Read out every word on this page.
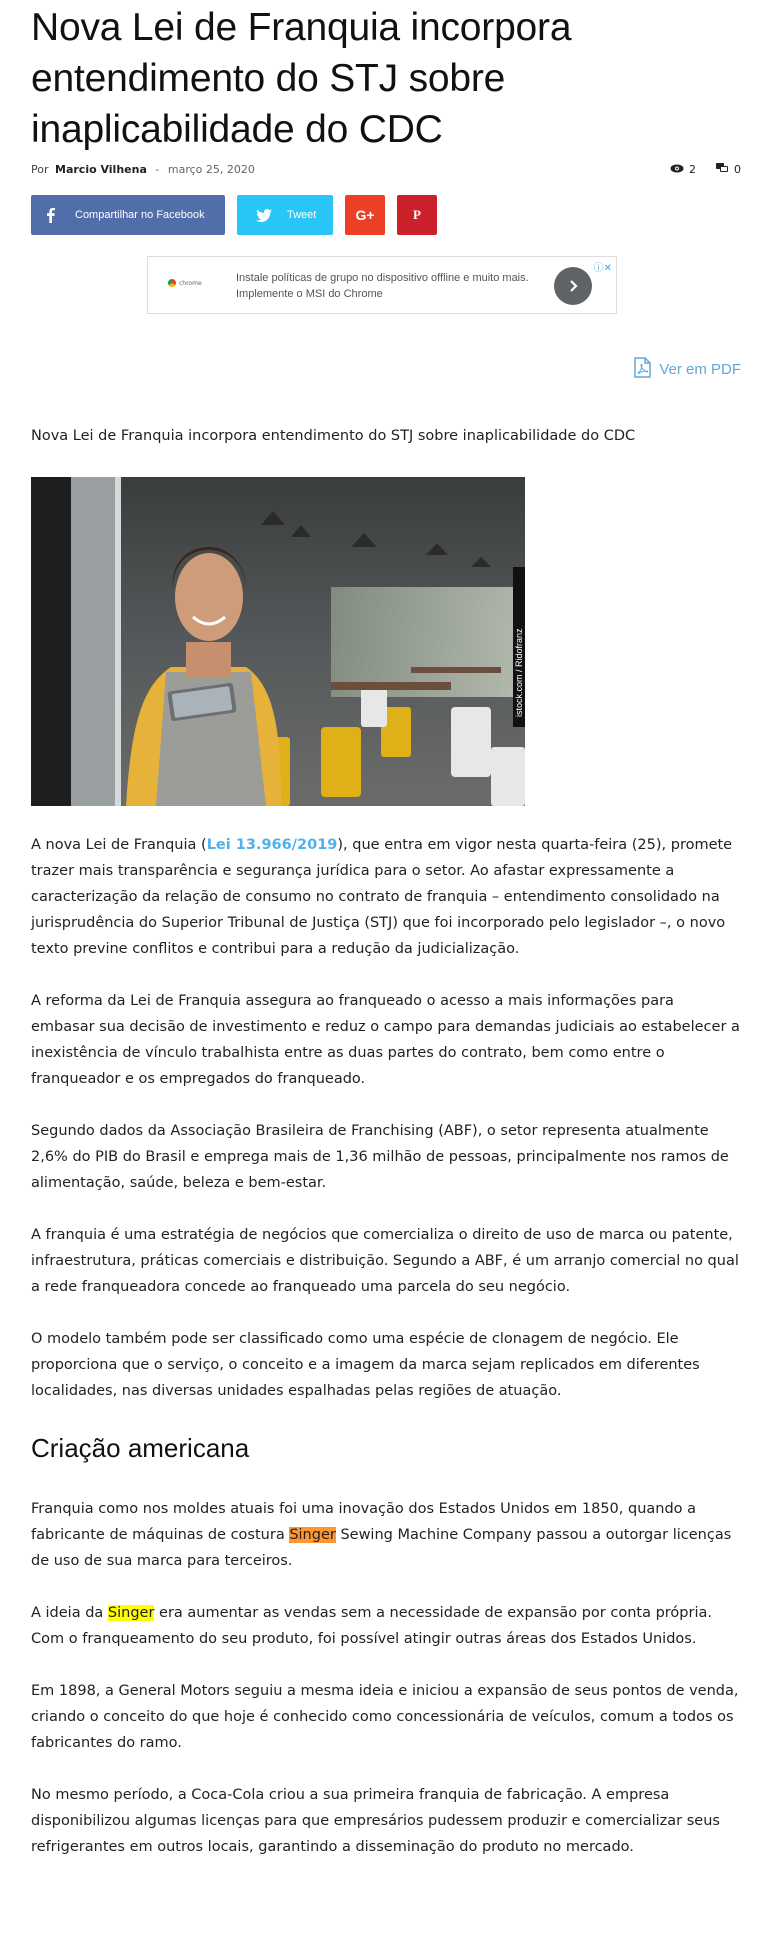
Nova Lei de Franquia incorpora entendimento do STJ sobre inaplicabilidade do CDC
Por Marcio Vilhena - março 25, 2020	2	0
Compartilhar no Facebook	Tweet	G+	P
chrome	Instale políticas de grupo no dispositivo offline e muito mais. Implemente o MSI do Chrome
ⓘ✕
Ver em PDF
Nova Lei de Franquia incorpora entendimento do STJ sobre inaplicabilidade do CDC
istock.com / Ridofranz

A nova Lei de Franquia (Lei 13.966/2019), que entra em vigor nesta quarta-feira (25), promete trazer mais transparência e segurança jurídica para o setor. Ao afastar expressamente a caracterização da relação de consumo no contrato de franquia – entendimento consolidado na jurisprudência do Superior Tribunal de Justiça (STJ) que foi incorporado pelo legislador –, o novo texto previne conflitos e contribui para a redução da judicialização.

A reforma da Lei de Franquia assegura ao franqueado o acesso a mais informações para embasar sua decisão de investimento e reduz o campo para demandas judiciais ao estabelecer a inexistência de vínculo trabalhista entre as duas partes do contrato, bem como entre o franqueador e os empregados do franqueado.

Segundo dados da Associação Brasileira de Franchising (ABF), o setor representa atualmente 2,6% do PIB do Brasil e emprega mais de 1,36 milhão de pessoas, principalmente nos ramos de alimentação, saúde, beleza e bem-estar.

A franquia é uma estratégia de negócios que comercializa o direito de uso de marca ou patente, infraestrutura, práticas comerciais e distribuição. Segundo a ABF, é um arranjo comercial no qual a rede franqueadora concede ao franqueado uma parcela do seu negócio.

O modelo também pode ser classificado como uma espécie de clonagem de negócio. Ele proporciona que o serviço, o conceito e a imagem da marca sejam replicados em diferentes localidades, nas diversas unidades espalhadas pelas regiões de atuação.

Criação americana

Franquia como nos moldes atuais foi uma inovação dos Estados Unidos em 1850, quando a fabricante de máquinas de costura Singer Sewing Machine Company passou a outorgar licenças de uso de sua marca para terceiros.

A ideia da Singer era aumentar as vendas sem a necessidade de expansão por conta própria. Com o franqueamento do seu produto, foi possível atingir outras áreas dos Estados Unidos.

Em 1898, a General Motors seguiu a mesma ideia e iniciou a expansão de seus pontos de venda, criando o conceito do que hoje é conhecido como concessionária de veículos, comum a todos os fabricantes do ramo.

No mesmo período, a Coca-Cola criou a sua primeira franquia de fabricação. A empresa disponibilizou algumas licenças para que empresários pudessem produzir e comercializar seus refrigerantes em outros locais, garantindo a disseminação do produto no mercado.
